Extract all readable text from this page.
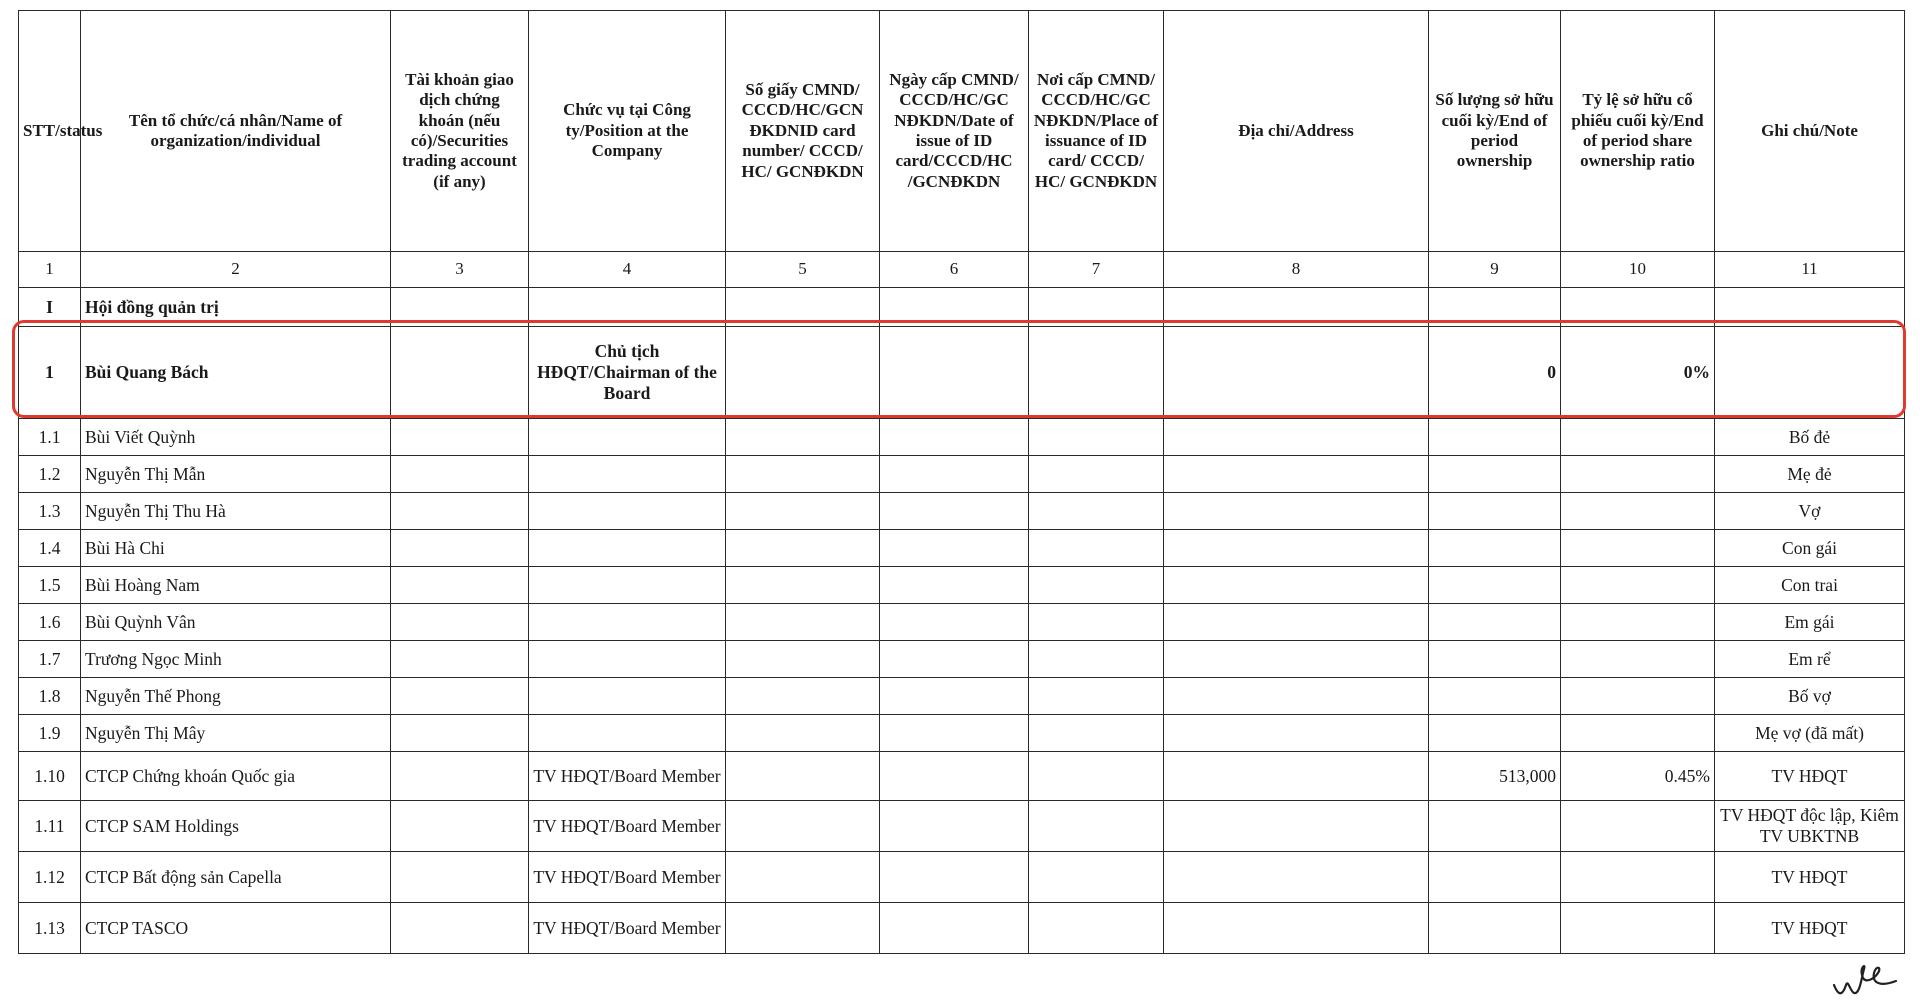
STT/status	Tên tổ chức/cá nhân/Name of organization/individual	Tài khoản giao dịch chứng khoán (nếu có)/Securities trading account (if any)	Chức vụ tại Công ty/Position at the Company	Số giấy CMND/ CCCD/HC/GCN ĐKDNID card number/ CCCD/ HC/ GCNĐKDN	Ngày cấp CMND/ CCCD/HC/GC NĐKDN/Date of issue of ID card/CCCD/HC /GCNĐKDN	Nơi cấp CMND/ CCCD/HC/GC NĐKDN/Place of issuance of ID card/ CCCD/ HC/ GCNĐKDN	Địa chỉ/Address	Số lượng sở hữu cuối kỳ/End of period ownership	Tỷ lệ sở hữu cổ phiếu cuối kỳ/End of period share ownership ratio	Ghi chú/Note
1	2	3	4	5	6	7	8	9	10	11
I	Hội đồng quản trị									
1	Bùi Quang Bách		Chủ tịch HĐQT/Chairman of the Board					0	0%	
1.1	Bùi Viết Quỳnh									Bố đẻ
1.2	Nguyễn Thị Mẫn									Mẹ đẻ
1.3	Nguyễn Thị Thu Hà									Vợ
1.4	Bùi Hà Chi									Con gái
1.5	Bùi Hoàng Nam									Con trai
1.6	Bùi Quỳnh Vân									Em gái
1.7	Trương Ngọc Minh									Em rể
1.8	Nguyễn Thế Phong									Bố vợ
1.9	Nguyễn Thị Mây									Mẹ vợ (đã mất)
1.10	CTCP Chứng khoán Quốc gia		TV HĐQT/Board Member					513,000	0.45%	TV HĐQT
1.11	CTCP SAM Holdings		TV HĐQT/Board Member							TV HĐQT độc lập, Kiêm TV UBKTNB
1.12	CTCP Bất động sản Capella		TV HĐQT/Board Member							TV HĐQT
1.13	CTCP TASCO		TV HĐQT/Board Member							TV HĐQT
